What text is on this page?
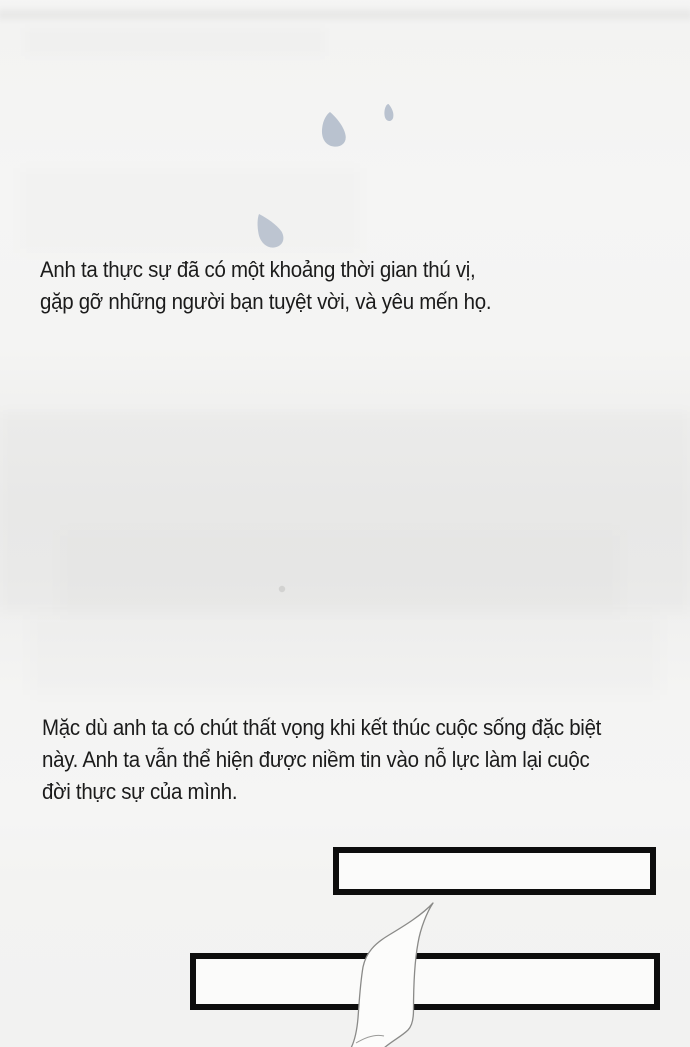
Anh ta thực sự đã có một khoảng thời gian thú vị,
gặp gỡ những người bạn tuyệt vời, và yêu mến họ.
Mặc dù anh ta có chút thất vọng khi kết thúc cuộc sống đặc biệt
này. Anh ta vẫn thể hiện được niềm tin vào nỗ lực làm lại cuộc
đời thực sự của mình.
